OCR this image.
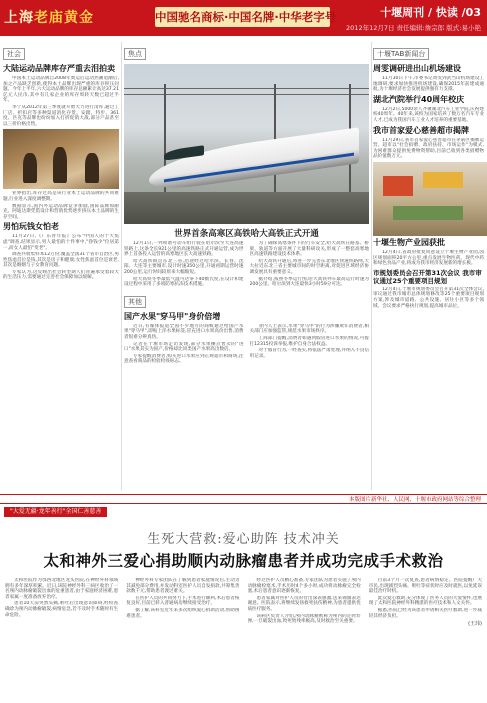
上海老庙黄金	中国驰名商标·中国名牌·中华老字号	十堰周刊 / 快读 /03
2012年12月7日 责任编辑:詹宗郎 版式:易小艳
社会
大陆运动品牌库存严重去泪拍卖

中国本土运动品牌自2008年奥运后运动热潮退潮后,加之产品缺乏创新,使得本土品牌出现严重的库存积压问题。今年上半年,六大运动品牌的库存总额累计高达37.21亿元人民币,其中有几家企业的库存周转天数已超过半年。

李宁从2012年第三季度就开始大力进行清库,通过工厂店、折扣店等多种渠道消化存货。安踏、特步、361度、匹克等品牌也纷纷加入打折促销大战,部分产品甚至以三折价格出售。

业界指出,库存过高是该行业本土运动品牌的共同难题,行业进入深度调整期。

数据显示,国内外运动品牌竞争加剧,国际品牌如耐克、阿迪达斯凭借设计和营销优势逐步挤压本土品牌的生存空间。

男怕玩钱女怕老

11月27日,《广东青年报》公布"中国人的十大焦虑"调查,结果显示,男人最怕的十件事中,"挣钱少"位居第一,而女人最怕"变老"。

调查共收集样本12万份,覆盖全国31个省市自治区,男性焦虑首位是钱,其次是房子和健康;女性焦虑首位是衰老,其次是婚姻与子女教育问题。

专家认为,这反映出社会转型期人们普遍承受着较大的生活压力,需要通过完善社会保障加以缓解。

焦点
世界首条高寒区高铁哈大高铁正式开通

12月1日,一列和谐号动车组行驶在哈尔滨至大连高速铁路上,这条全长921公里的高速铁路正式开通运营,成为世界上首条投入运营的高寒地区长大高速铁路。

哈大高铁纵贯东北三省,沿途经过哈尔滨、长春、沈阳、大连等主要城市,设计时速350公里,开通初期运营时速200公里,运行时间较原来大幅缩短。

哈大高铁冬季最低气温可达零下40摄氏度,在设计和建设过程中采用了多项防寒抗冻技术措施。

为了确保高寒条件下的行车安全,哈大高铁在路基、桥梁、轨道等方面开展了大量科研攻关,形成了一整套高寒地区高速铁路建设技术体系。

哈大高铁开通后,将进一步完善东北地区快速铁路网,大大拉近东北三省主要城市间的时空距离,对促进区域经济协调发展具有重要意义。

据介绍,按照冬季运行图,哈大高铁列车最高运行时速为200公里。哈尔滨到大连最快3小时59分可达。

其他
国产水果"穿马甲"身价倍增

近日,有媒体报道全国不少地方的商贩通过给国产水果"穿马甲",即贴上洋水果标签,冒充进口水果高价出售,消费者很难分辨真伪。

记者在十堰市场走访发现,部分水果摊点售卖的"进口"水果其实为国产,价格却比同类国产水果高出数倍。

专家提醒消费者,购买进口水果应到正规超市和商场,注意查看商品的检验检疫标志。

业内人士表示,水果"穿马甲"的行为涉嫌欺诈消费者,相关部门应加强监管,规范水果市场秩序。

工商部门提醒,消费者如遇到假冒进口水果的情况,可拨打12315投诉举报,维护自身合法权益。

对于假冒行为,一经查实,将依法严肃处理,并纳入不良信用记录。

十堰TAB新闻台
周雯调研进出山机场建设

11月30日下午,市委书记周雯到武当山机场建设工地调研,要求加快推进机场建设,确保2015年前建成通航,为十堰经济社会发展提供强有力支撑。

湖北汽院举行40周年校庆

12月2日,5000余人齐聚湖北汽车工业学院,庆祝建校40周年。40年来,该校为国家培养了数万名汽车专业人才,已成为我国汽车工业人才培养的重要基地。

我市首家爱心慈善超市揭牌

11月29日,我市首家爱心慈善超市在茅箭区揭牌运营。超市以"社会捐赠、政府扶持、市场运作"为模式,为困难群众提供免费物资帮助,目前已收到各类捐赠物品价值数万元。

十堰生物产业园获批

12月4日,省政府批复同意设立十堰生物产业园,园区规划面积20平方公里,重点发展生物医药、现代中药和绿色食品产业,将成为我市经济发展新的增长极。

市规划委员会召开第31次会议 我市审议通过25个重要项目规划

12月4日,十堰市规划委员会召开第31次全体会议,审议通过我市城市总体规划修改等25个重要项目规划方案,涉及城市道路、公共设施、居住小区等多个领域。会议要求严格执行规划,提高城市品位。

本版图片新华社、人民网、十堰市政府网站等综合整理
"大爱无疆·龙年善行"全国仁善慈善
生死大营救:爱心助阵 技术冲关
太和神外三爱心捐助顺内动脉瘤患者并成功完成手术救治

太和医院作为鄂西北地区龙头医院,在神经外科领域拥有多年深厚积累。近日,该院神经外科三病区收治了一名颅内动脉瘤破裂出血的危重患者,由于家庭经济困难,患者家属一度准备放弃治疗。

患者10天前突然头痛,呕吐后出现意识障碍,经检查确诊为颅内动脉瘤破裂,病情危急,若不及时手术随时有生命危险。

神经外科专家团队在了解到患者家庭情况后,主动为其减免部分费用,并发动科室医护人员自发捐款,共筹集善款数千元,帮助患者渡过难关。

在医护人员的共同努力下,手术进行顺利,术后患者恢复良好,目前已转入普通病房继续接受治疗。

据了解,该科室近年来多次组织爱心捐助活动,帮助困难患者。

经过医护人员精心准备,专家团队为患者实施了颅内动脉瘤栓塞术,手术历时4个多小时,成功将动脉瘤完全栓塞,术后患者意识逐渐恢复。

患者家属对医护人员的付出深表感激,送来锦旗表达谢意。医院表示,将继续发扬救死扶伤精神,为患者提供优质医疗服务。

该病区负责人介绍,颅内动脉瘤被称为颅内的定时炸弹,一旦破裂出血,致死致残率极高,及时救治至关重要。

目前3个月一次复查,患者病情稳定。医院提醒广大市民,出现剧烈头痛、呕吐等症状时应及时就医,以免延误最佳治疗时机。

此次爱心救助,充分体现了医务人员的大爱情怀,也展现了太和医院神经外科精湛的医疗技术和人文关怀。

据悉,医院已经为该患者申请相关医疗救助,进一步减轻其经济负担。

(王玮)
